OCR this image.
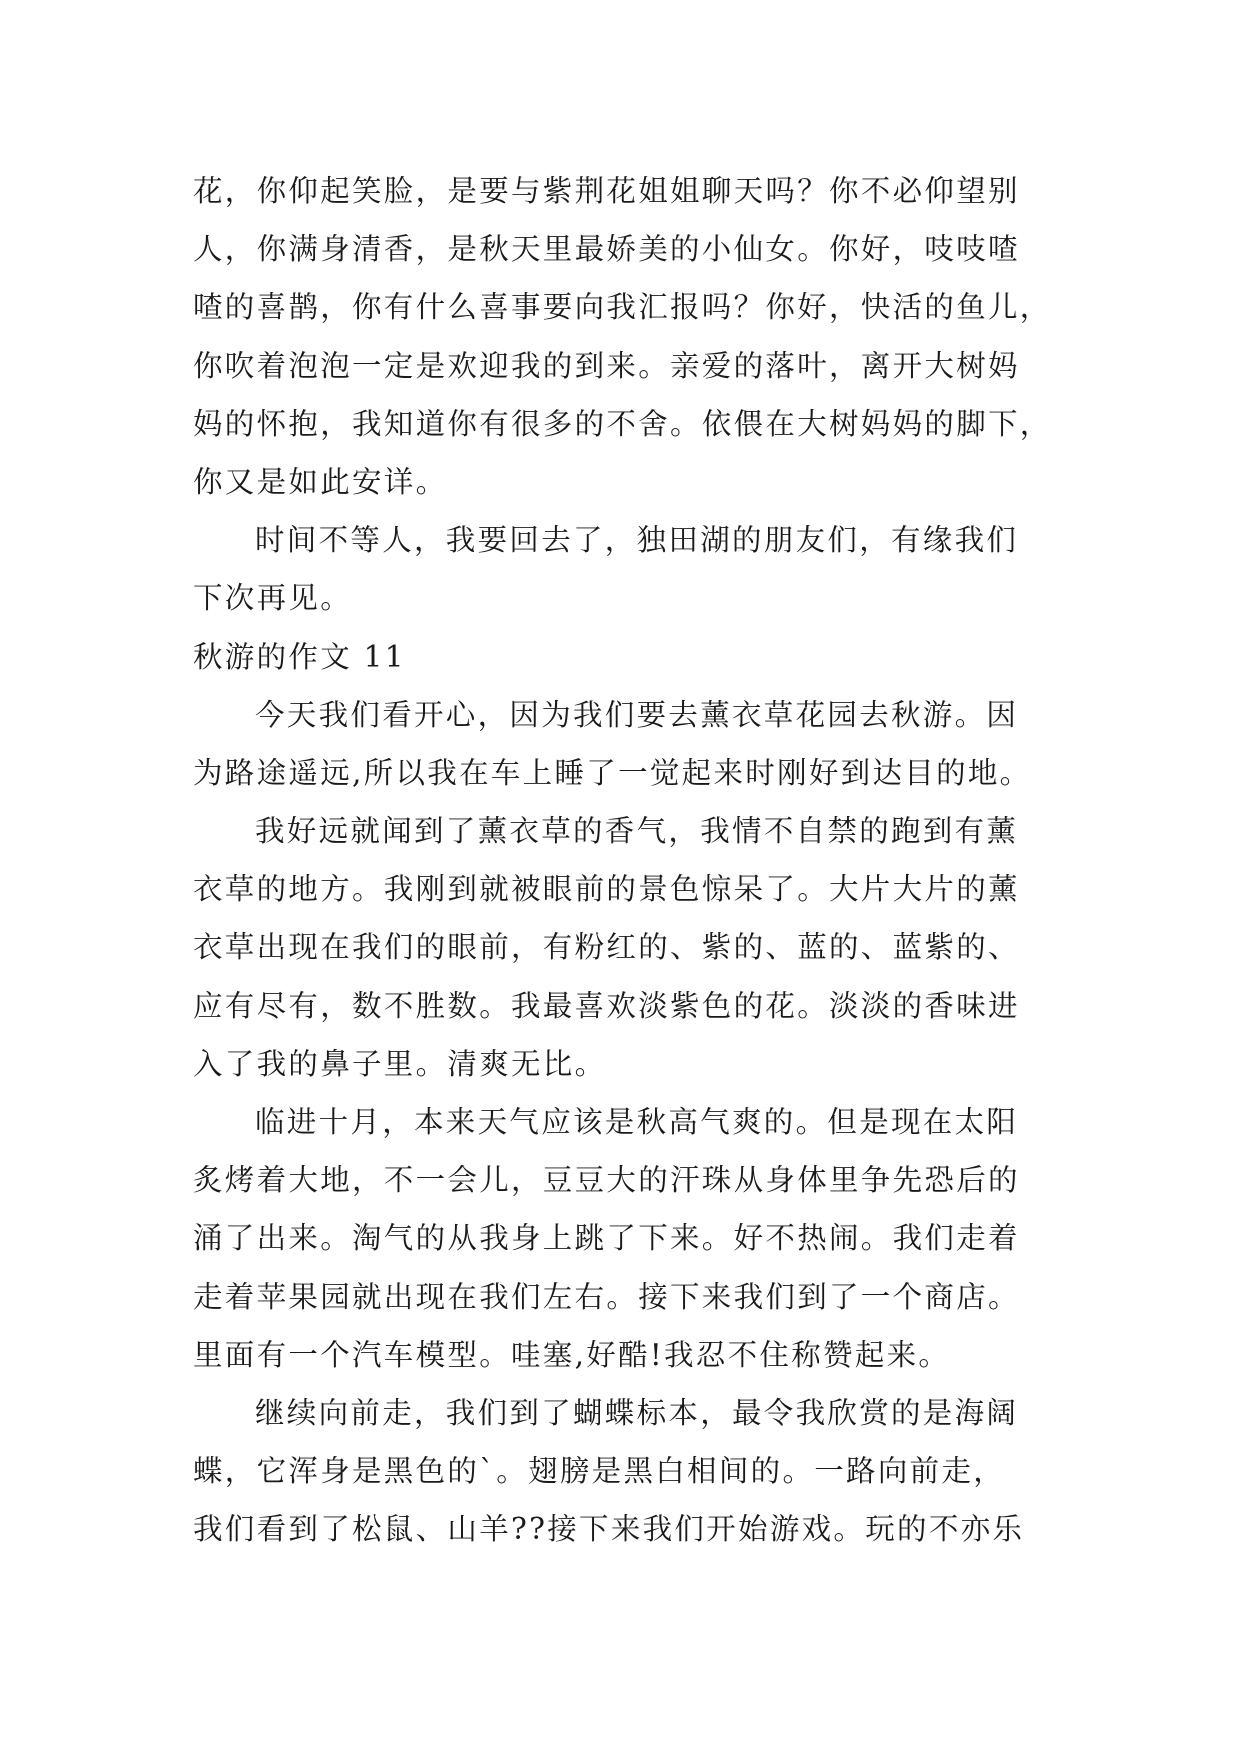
花，你仰起笑脸，是要与紫荆花姐姐聊天吗？你不必仰望别
人，你满身清香，是秋天里最娇美的小仙女。你好，吱吱喳
喳的喜鹊，你有什么喜事要向我汇报吗？你好，快活的鱼儿，
你吹着泡泡一定是欢迎我的到来。亲爱的落叶，离开大树妈
妈的怀抱，我知道你有很多的不舍。依偎在大树妈妈的脚下，
你又是如此安详。
时间不等人，我要回去了，独田湖的朋友们，有缘我们
下次再见。
秋游的作文 11
今天我们看开心，因为我们要去薰衣草花园去秋游。因
为路途遥远,所以我在车上睡了一觉起来时刚好到达目的地。
我好远就闻到了薰衣草的香气，我情不自禁的跑到有薰
衣草的地方。我刚到就被眼前的景色惊呆了。大片大片的薰
衣草出现在我们的眼前，有粉红的、紫的、蓝的、蓝紫的、
应有尽有，数不胜数。我最喜欢淡紫色的花。淡淡的香味进
入了我的鼻子里。清爽无比。
临进十月，本来天气应该是秋高气爽的。但是现在太阳
炙烤着大地，不一会儿，豆豆大的汗珠从身体里争先恐后的
涌了出来。淘气的从我身上跳了下来。好不热闹。我们走着
走着苹果园就出现在我们左右。接下来我们到了一个商店。
里面有一个汽车模型。哇塞,好酷!我忍不住称赞起来。
继续向前走，我们到了蝴蝶标本，最令我欣赏的是海阔
蝶，它浑身是黑色的`。翅膀是黑白相间的。一路向前走，
我们看到了松鼠、山羊??接下来我们开始游戏。玩的不亦乐
